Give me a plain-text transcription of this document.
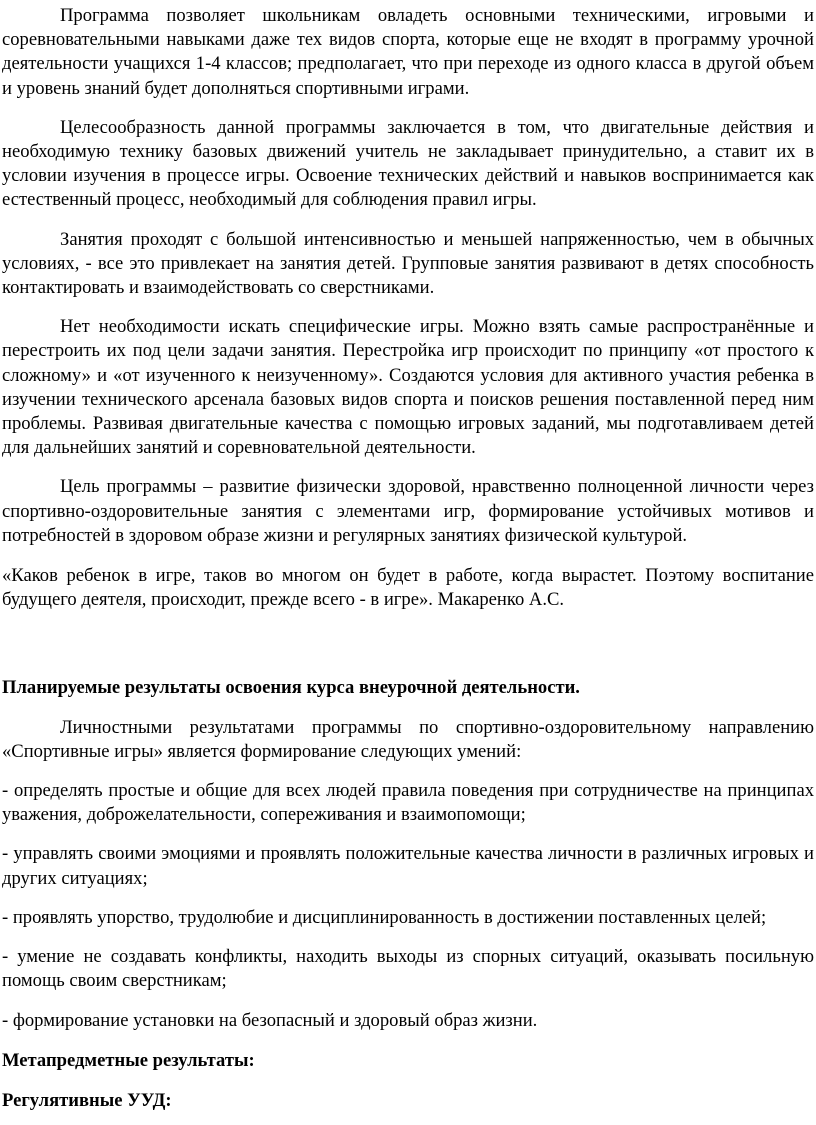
Программа позволяет школьникам овладеть основными техническими, игровыми и соревновательными навыками даже тех видов спорта, которые еще не входят в программу урочной деятельности учащихся 1-4 классов; предполагает, что при переходе из одного класса в другой объем и уровень знаний будет дополняться спортивными играми.

Целесообразность данной программы заключается в том, что двигательные действия и необходимую технику базовых движений учитель не закладывает принудительно, а ставит их в условии изучения в процессе игры. Освоение технических действий и навыков воспринимается как естественный процесс, необходимый для соблюдения правил игры.

Занятия проходят с большой интенсивностью и меньшей напряженностью, чем в обычных условиях, - все это привлекает на занятия детей. Групповые занятия развивают в детях способность контактировать и взаимодействовать со сверстниками.

Нет необходимости искать специфические игры. Можно взять самые распространённые и перестроить их под цели задачи занятия. Перестройка игр происходит по принципу «от простого к сложному» и «от изученного к неизученному». Создаются условия для активного участия ребенка в изучении технического арсенала базовых видов спорта и поисков решения поставленной перед ним проблемы. Развивая двигательные качества с помощью игровых заданий, мы подготавливаем детей для дальнейших занятий и соревновательной деятельности.

Цель программы – развитие физически здоровой, нравственно полноценной личности через спортивно-оздоровительные занятия с элементами игр, формирование устойчивых мотивов и потребностей в здоровом образе жизни и регулярных занятиях физической культурой.

«Каков ребенок в игре, таков во многом он будет в работе, когда вырастет. Поэтому воспитание будущего деятеля, происходит, прежде всего - в игре». Макаренко А.С.

Планируемые результаты освоения курса внеурочной деятельности.

Личностными результатами программы по спортивно-оздоровительному направлению «Спортивные игры» является формирование следующих умений:

- определять простые и общие для всех людей правила поведения при сотрудничестве на принципах уважения, доброжелательности, сопереживания и взаимопомощи;

- управлять своими эмоциями и проявлять положительные качества личности в различных игровых и других ситуациях;

- проявлять упорство, трудолюбие и дисциплинированность в достижении поставленных целей;

- умение не создавать конфликты, находить выходы из спорных ситуаций, оказывать посильную помощь своим сверстникам;

- формирование установки на безопасный и здоровый образ жизни.

Метапредметные результаты:

Регулятивные УУД:
